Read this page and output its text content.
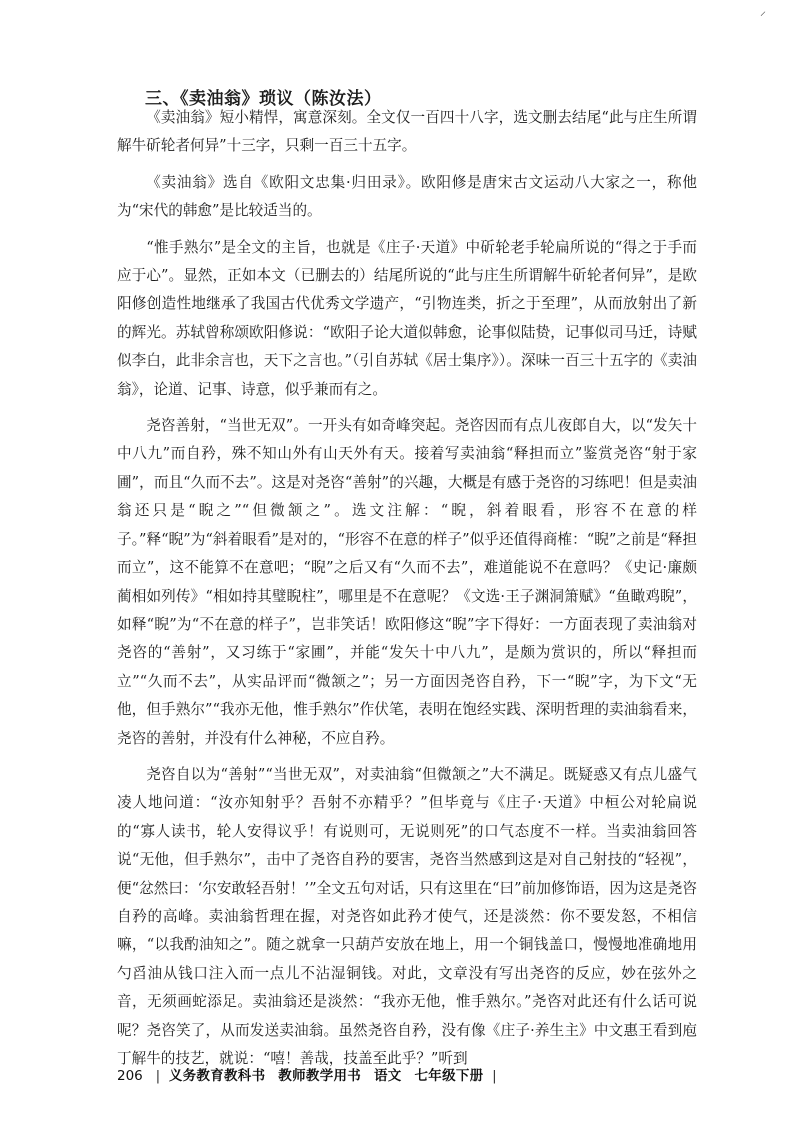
⸝
三、《卖油翁》琐议（陈汝法）

《卖油翁》短小精悍，寓意深刻。全文仅一百四十八字，选文删去结尾“此与庄生所谓解牛斫轮者何异”十三字，只剩一百三十五字。

《卖油翁》选自《欧阳文忠集·归田录》。欧阳修是唐宋古文运动八大家之一，称他为“宋代的韩愈”是比较适当的。

“惟手熟尔”是全文的主旨，也就是《庄子·天道》中斫轮老手轮扁所说的“得之于手而应于心”。显然，正如本文（已删去的）结尾所说的“此与庄生所谓解牛斫轮者何异”，是欧阳修创造性地继承了我国古代优秀文学遗产，“引物连类，折之于至理”，从而放射出了新的辉光。苏轼曾称颂欧阳修说：“欧阳子论大道似韩愈，论事似陆贽，记事似司马迁，诗赋似李白，此非余言也，天下之言也。”（引自苏轼《居士集序》）。深味一百三十五字的《卖油翁》，论道、记事、诗意，似乎兼而有之。

尧咨善射，“当世无双”。一开头有如奇峰突起。尧咨因而有点儿夜郎自大，以“发矢十中八九”而自矜，殊不知山外有山天外有天。接着写卖油翁“释担而立”鉴赏尧咨“射于家圃”，而且“久而不去”。这是对尧咨“善射”的兴趣，大概是有感于尧咨的习练吧！但是卖油翁还只是“睨之”“但微颔之”。选文注解：“睨，斜着眼看，形容不在意的样子。”释“睨”为“斜着眼看”是对的，“形容不在意的样子”似乎还值得商榷：“睨”之前是“释担而立”，这不能算不在意吧；“睨”之后又有“久而不去”，难道能说不在意吗？《史记·廉颇蔺相如列传》“相如持其璧睨柱”，哪里是不在意呢？《文选·王子渊洞箫赋》“鱼瞰鸡睨”，如释“睨”为“不在意的样子”，岂非笑话！欧阳修这“睨”字下得好：一方面表现了卖油翁对尧咨的“善射”，又习练于“家圃”，并能“发矢十中八九”，是颇为赏识的，所以“释担而立”“久而不去”，从实品评而“微颔之”；另一方面因尧咨自矜，下一“睨”字，为下文“无他，但手熟尔”“我亦无他，惟手熟尔”作伏笔，表明在饱经实践、深明哲理的卖油翁看来，尧咨的善射，并没有什么神秘，不应自矜。

尧咨自以为“善射”“当世无双”，对卖油翁“但微颔之”大不满足。既疑惑又有点儿盛气凌人地问道：“汝亦知射乎？吾射不亦精乎？”但毕竟与《庄子·天道》中桓公对轮扁说的“寡人读书，轮人安得议乎！有说则可，无说则死”的口气态度不一样。当卖油翁回答说“无他，但手熟尔”，击中了尧咨自矜的要害，尧咨当然感到这是对自己射技的“轻视”，便“忿然曰：‘尔安敢轻吾射！’”全文五句对话，只有这里在“曰”前加修饰语，因为这是尧咨自矜的高峰。卖油翁哲理在握，对尧咨如此矜才使气，还是淡然：你不要发怒，不相信嘛，“以我酌油知之”。随之就拿一只葫芦安放在地上，用一个铜钱盖口，慢慢地准确地用勺舀油从钱口注入而一点儿不沾湿铜钱。对此，文章没有写出尧咨的反应，妙在弦外之音，无须画蛇添足。卖油翁还是淡然：“我亦无他，惟手熟尔。”尧咨对此还有什么话可说呢？尧咨笑了，从而发送卖油翁。虽然尧咨自矜，没有像《庄子·养生主》中文惠王看到庖丁解牛的技艺，就说：“嘻！善哉，技盖至此乎？”听到

206 | 义务教育教科书 教师教学用书 语文 七年级下册 |
